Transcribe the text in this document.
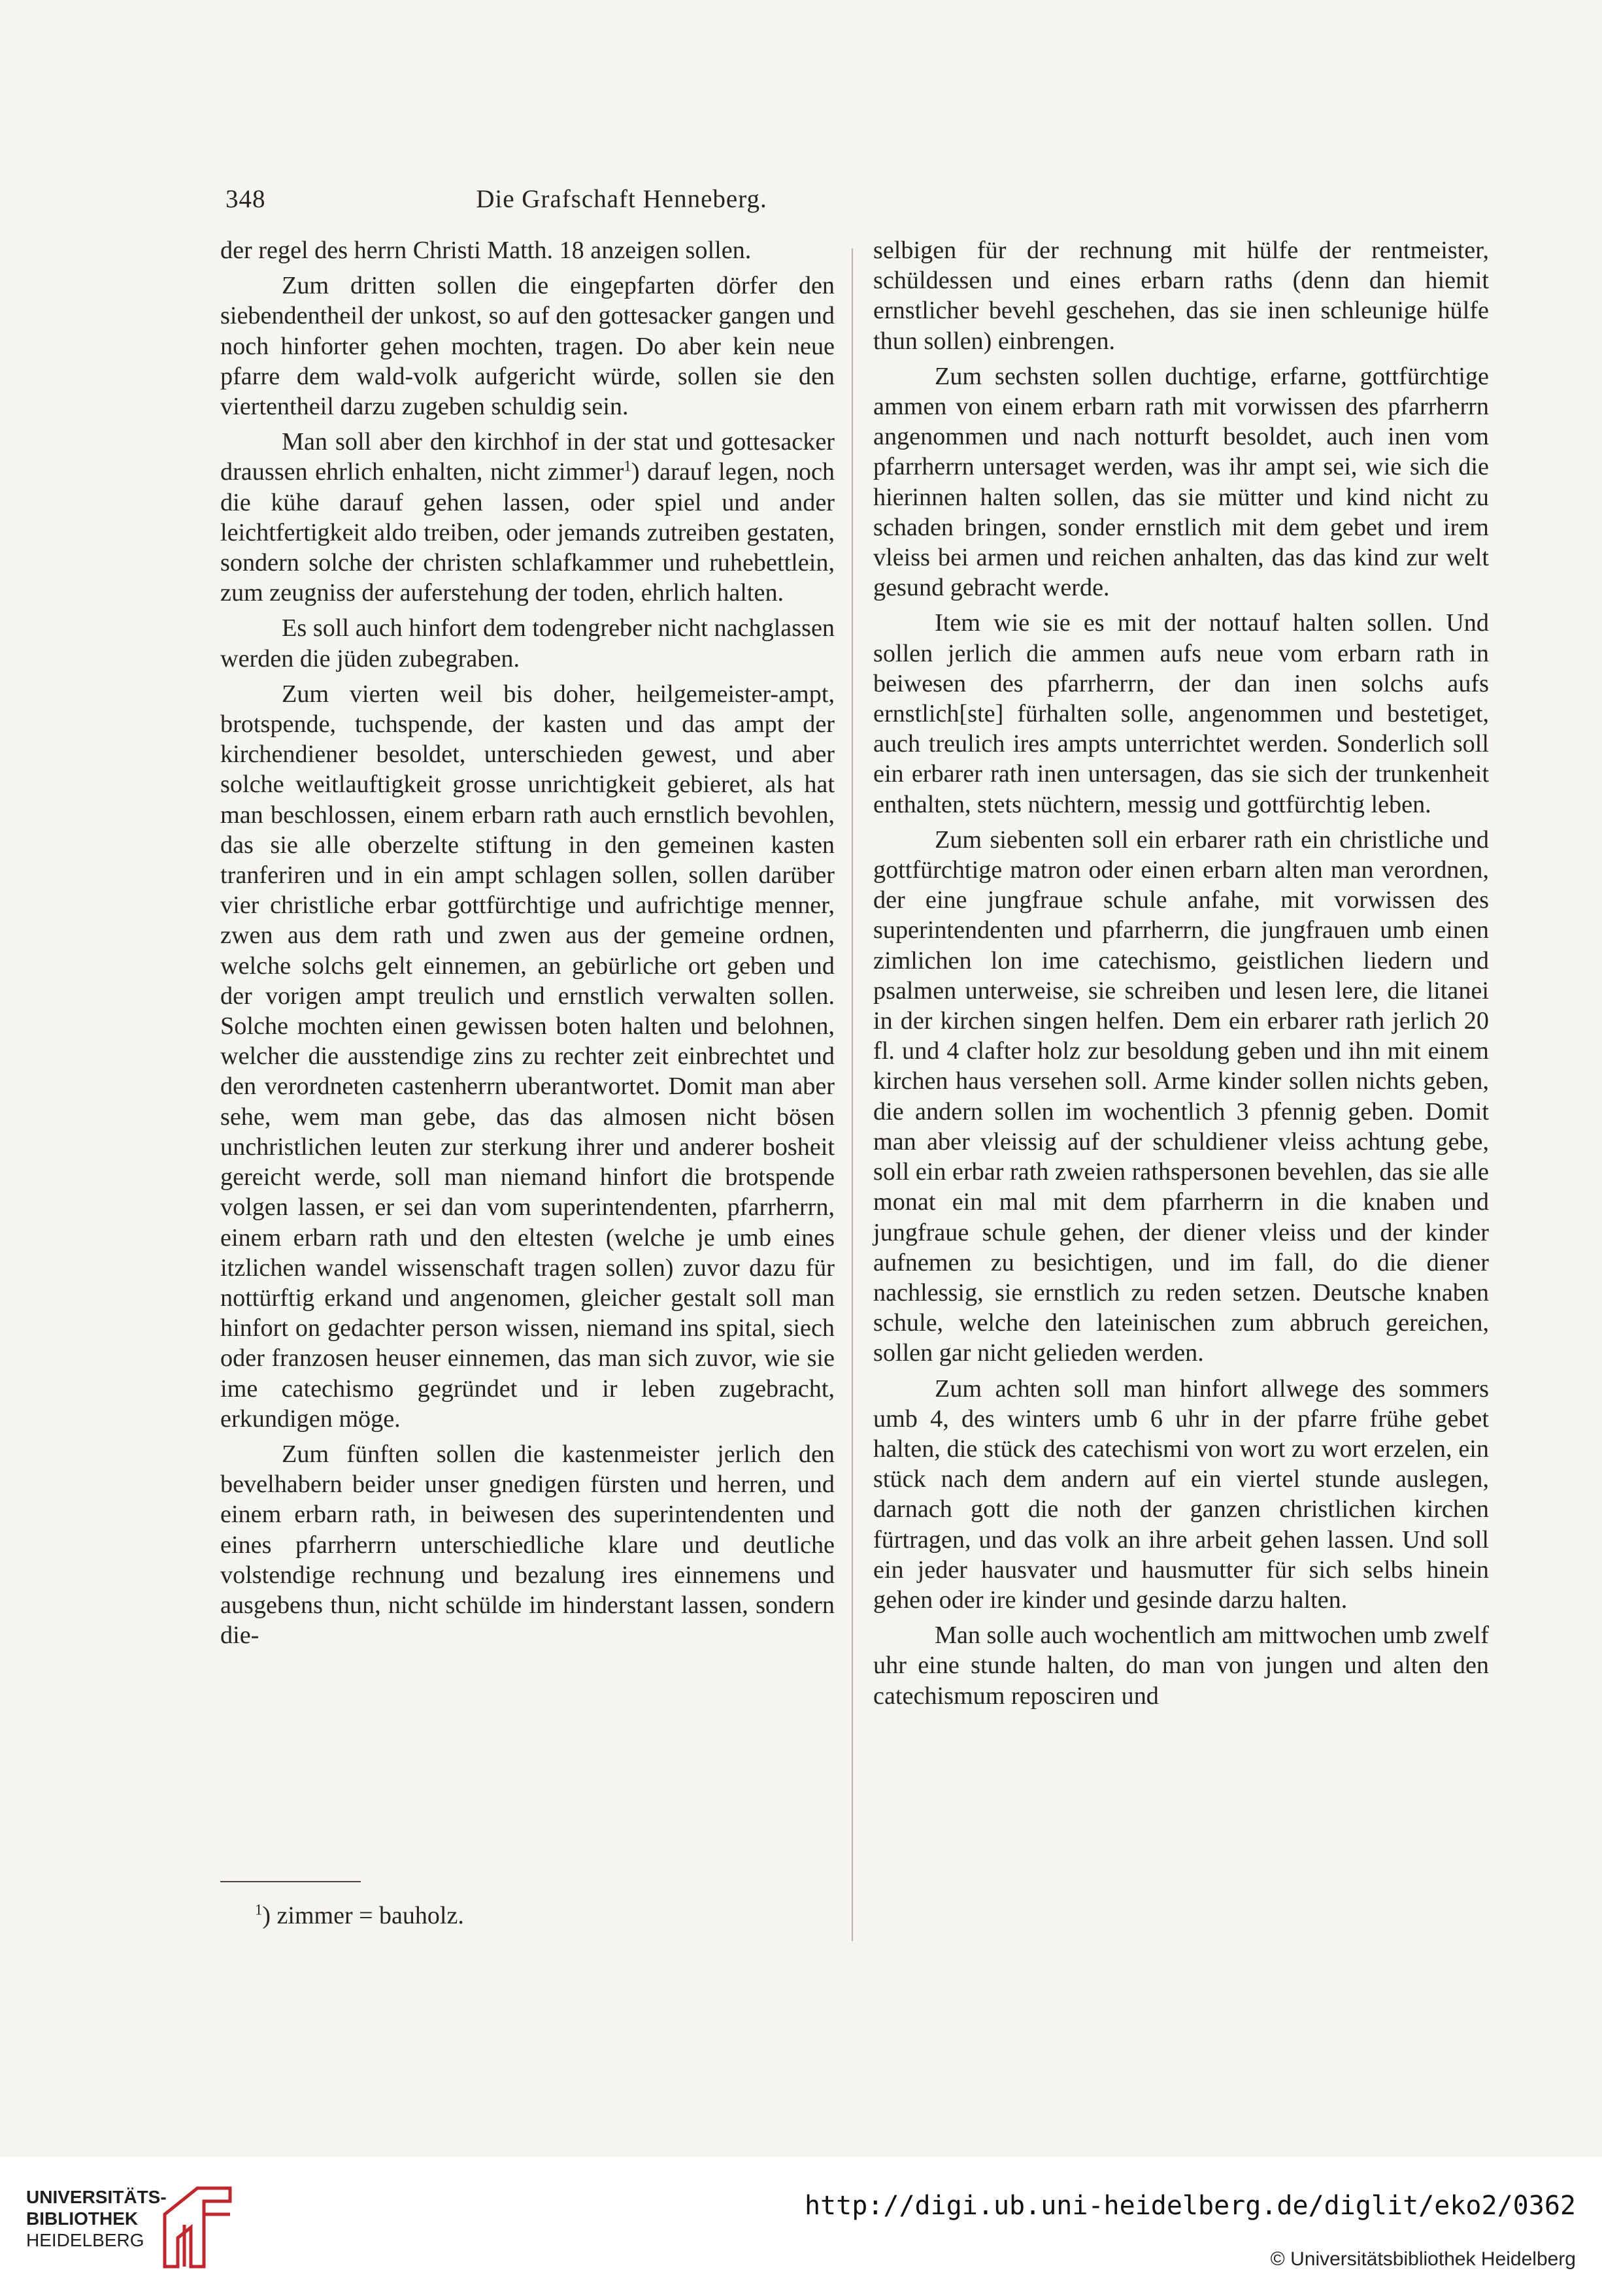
348	Die Grafschaft Henneberg.

der regel des herrn Christi Matth. 18 anzeigen sollen.

Zum dritten sollen die eingepfarten dörfer den siebendentheil der unkost, so auf den gottesacker gangen und noch hinforter gehen mochten, tragen. Do aber kein neue pfarre dem wald-volk aufgericht würde, sollen sie den viertentheil darzu zugeben schuldig sein.

Man soll aber den kirchhof in der stat und gottesacker draussen ehrlich enhalten, nicht zimmer$^1$) darauf legen, noch die kühe darauf gehen lassen, oder spiel und ander leichtfertigkeit aldo treiben, oder jemands zutreiben gestaten, sondern solche der christen schlafkammer und ruhebettlein, zum zeugniss der auferstehung der toden, ehrlich halten.

Es soll auch hinfort dem todengreber nicht nachglassen werden die jüden zubegraben.

Zum vierten weil bis doher, heilgemeister-ampt, brotspende, tuchspende, der kasten und das ampt der kirchendiener besoldet, unterschieden gewest, und aber solche weitlauftigkeit grosse unrichtigkeit gebieret, als hat man beschlossen, einem erbarn rath auch ernstlich bevohlen, das sie alle oberzelte stiftung in den gemeinen kasten tranferiren und in ein ampt schlagen sollen, sollen darüber vier christliche erbar gottfürchtige und aufrichtige menner, zwen aus dem rath und zwen aus der gemeine ordnen, welche solchs gelt einnemen, an gebürliche ort geben und der vorigen ampt treulich und ernstlich verwalten sollen. Solche mochten einen gewissen boten halten und belohnen, welcher die ausstendige zins zu rechter zeit einbrechtet und den verordneten castenherrn uberantwortet. Domit man aber sehe, wem man gebe, das das almosen nicht bösen unchristlichen leuten zur sterkung ihrer und anderer bosheit gereicht werde, soll man niemand hinfort die brotspende volgen lassen, er sei dan vom superintendenten, pfarrherrn, einem erbarn rath und den eltesten (welche je umb eines itzlichen wandel wissenschaft tragen sollen) zuvor dazu für nottürftig erkand und angenomen, gleicher gestalt soll man hinfort on gedachter person wissen, niemand ins spital, siech oder franzosen heuser einnemen, das man sich zuvor, wie sie ime catechismo gegründet und ir leben zugebracht, erkundigen möge.

Zum fünften sollen die kastenmeister jerlich den bevelhabern beider unser gnedigen fürsten und herren, und einem erbarn rath, in beiwesen des superintendenten und eines pfarrherrn unterschiedliche klare und deutliche volstendige rechnung und bezalung ires einnemens und ausgebens thun, nicht schülde im hinderstant lassen, sondern die-

selbigen für der rechnung mit hülfe der rentmeister, schüldessen und eines erbarn raths (denn dan hiemit ernstlicher bevehl geschehen, das sie inen schleunige hülfe thun sollen) einbrengen.

Zum sechsten sollen duchtige, erfarne, gottfürchtige ammen von einem erbarn rath mit vorwissen des pfarrherrn angenommen und nach notturft besoldet, auch inen vom pfarrherrn untersaget werden, was ihr ampt sei, wie sich die hierinnen halten sollen, das sie mütter und kind nicht zu schaden bringen, sonder ernstlich mit dem gebet und irem vleiss bei armen und reichen anhalten, das das kind zur welt gesund gebracht werde.

Item wie sie es mit der nottauf halten sollen. Und sollen jerlich die ammen aufs neue vom erbarn rath in beiwesen des pfarrherrn, der dan inen solchs aufs ernstlich[ste] fürhalten solle, angenommen und bestetiget, auch treulich ires ampts unterrichtet werden. Sonderlich soll ein erbarer rath inen untersagen, das sie sich der trunkenheit enthalten, stets nüchtern, messig und gottfürchtig leben.

Zum siebenten soll ein erbarer rath ein christliche und gottfürchtige matron oder einen erbarn alten man verordnen, der eine jungfraue schule anfahe, mit vorwissen des superintendenten und pfarrherrn, die jungfrauen umb einen zimlichen lon ime catechismo, geistlichen liedern und psalmen unterweise, sie schreiben und lesen lere, die litanei in der kirchen singen helfen. Dem ein erbarer rath jerlich 20 fl. und 4 clafter holz zur besoldung geben und ihn mit einem kirchen haus versehen soll. Arme kinder sollen nichts geben, die andern sollen im wochentlich 3 pfennig geben. Domit man aber vleissig auf der schuldiener vleiss achtung gebe, soll ein erbar rath zweien rathspersonen bevehlen, das sie alle monat ein mal mit dem pfarrherrn in die knaben und jungfraue schule gehen, der diener vleiss und der kinder aufnemen zu besichtigen, und im fall, do die diener nachlessig, sie ernstlich zu reden setzen. Deutsche knaben schule, welche den lateinischen zum abbruch gereichen, sollen gar nicht gelieden werden.

Zum achten soll man hinfort allwege des sommers umb 4, des winters umb 6 uhr in der pfarre frühe gebet halten, die stück des catechismi von wort zu wort erzelen, ein stück nach dem andern auf ein viertel stunde auslegen, darnach gott die noth der ganzen christlichen kirchen fürtragen, und das volk an ihre arbeit gehen lassen. Und soll ein jeder hausvater und hausmutter für sich selbs hinein gehen oder ire kinder und gesinde darzu halten.

Man solle auch wochentlich am mittwochen umb zwelf uhr eine stunde halten, do man von jungen und alten den catechismum reposciren und

$^1$) zimmer = bauholz.
UNIVERSITÄTS-
BIBLIOTHEK
HEIDELBERG
http://digi.ub.uni-heidelberg.de/diglit/eko2/0362
© Universitätsbibliothek Heidelberg
